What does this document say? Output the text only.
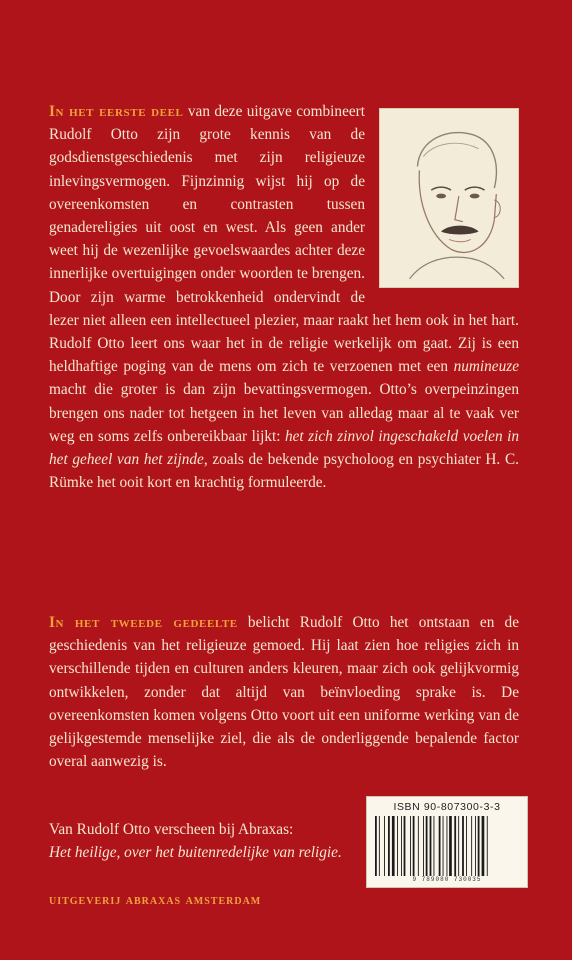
In het eerste deel van deze uitgave combineert Rudolf Otto zijn grote kennis van de godsdienstgeschiedenis met zijn religieuze inlevingsvermogen. Fijnzinnig wijst hij op de overeenkomsten en contrasten tussen genadereligies uit oost en west. Als geen ander weet hij de wezenlijke gevoelswaardes achter deze innerlijke overtuigingen onder woorden te brengen. Door zijn warme betrokkenheid ondervindt de lezer niet alleen een intellectueel plezier, maar raakt het hem ook in het hart. Rudolf Otto leert ons waar het in de religie werkelijk om gaat. Zij is een heldhaftige poging van de mens om zich te verzoenen met een numineuze macht die groter is dan zijn bevattingsvermogen. Otto’s overpeinzingen brengen ons nader tot hetgeen in het leven van alledag maar al te vaak ver weg en soms zelfs onbereikbaar lijkt: het zich zinvol ingeschakeld voelen in het geheel van het zijnde, zoals de bekende psycholoog en psychiater H. C. Rümke het ooit kort en krachtig formuleerde.
In het tweede gedeelte belicht Rudolf Otto het ontstaan en de geschiedenis van het religieuze gemoed. Hij laat zien hoe religies zich in verschillende tijden en culturen anders kleuren, maar zich ook gelijkvormig ontwikkelen, zonder dat altijd van beïnvloeding sprake is. De overeenkomsten komen volgens Otto voort uit een uniforme werking van de gelijkgestemde menselijke ziel, die als de onderliggende bepalende factor overal aanwezig is.
Van Rudolf Otto verscheen bij Abraxas:
Het heilige, over het buitenredelijke van religie.
uitgeverij abraxas amsterdam
ISBN 90-807300-3-3
9 789080 730035
